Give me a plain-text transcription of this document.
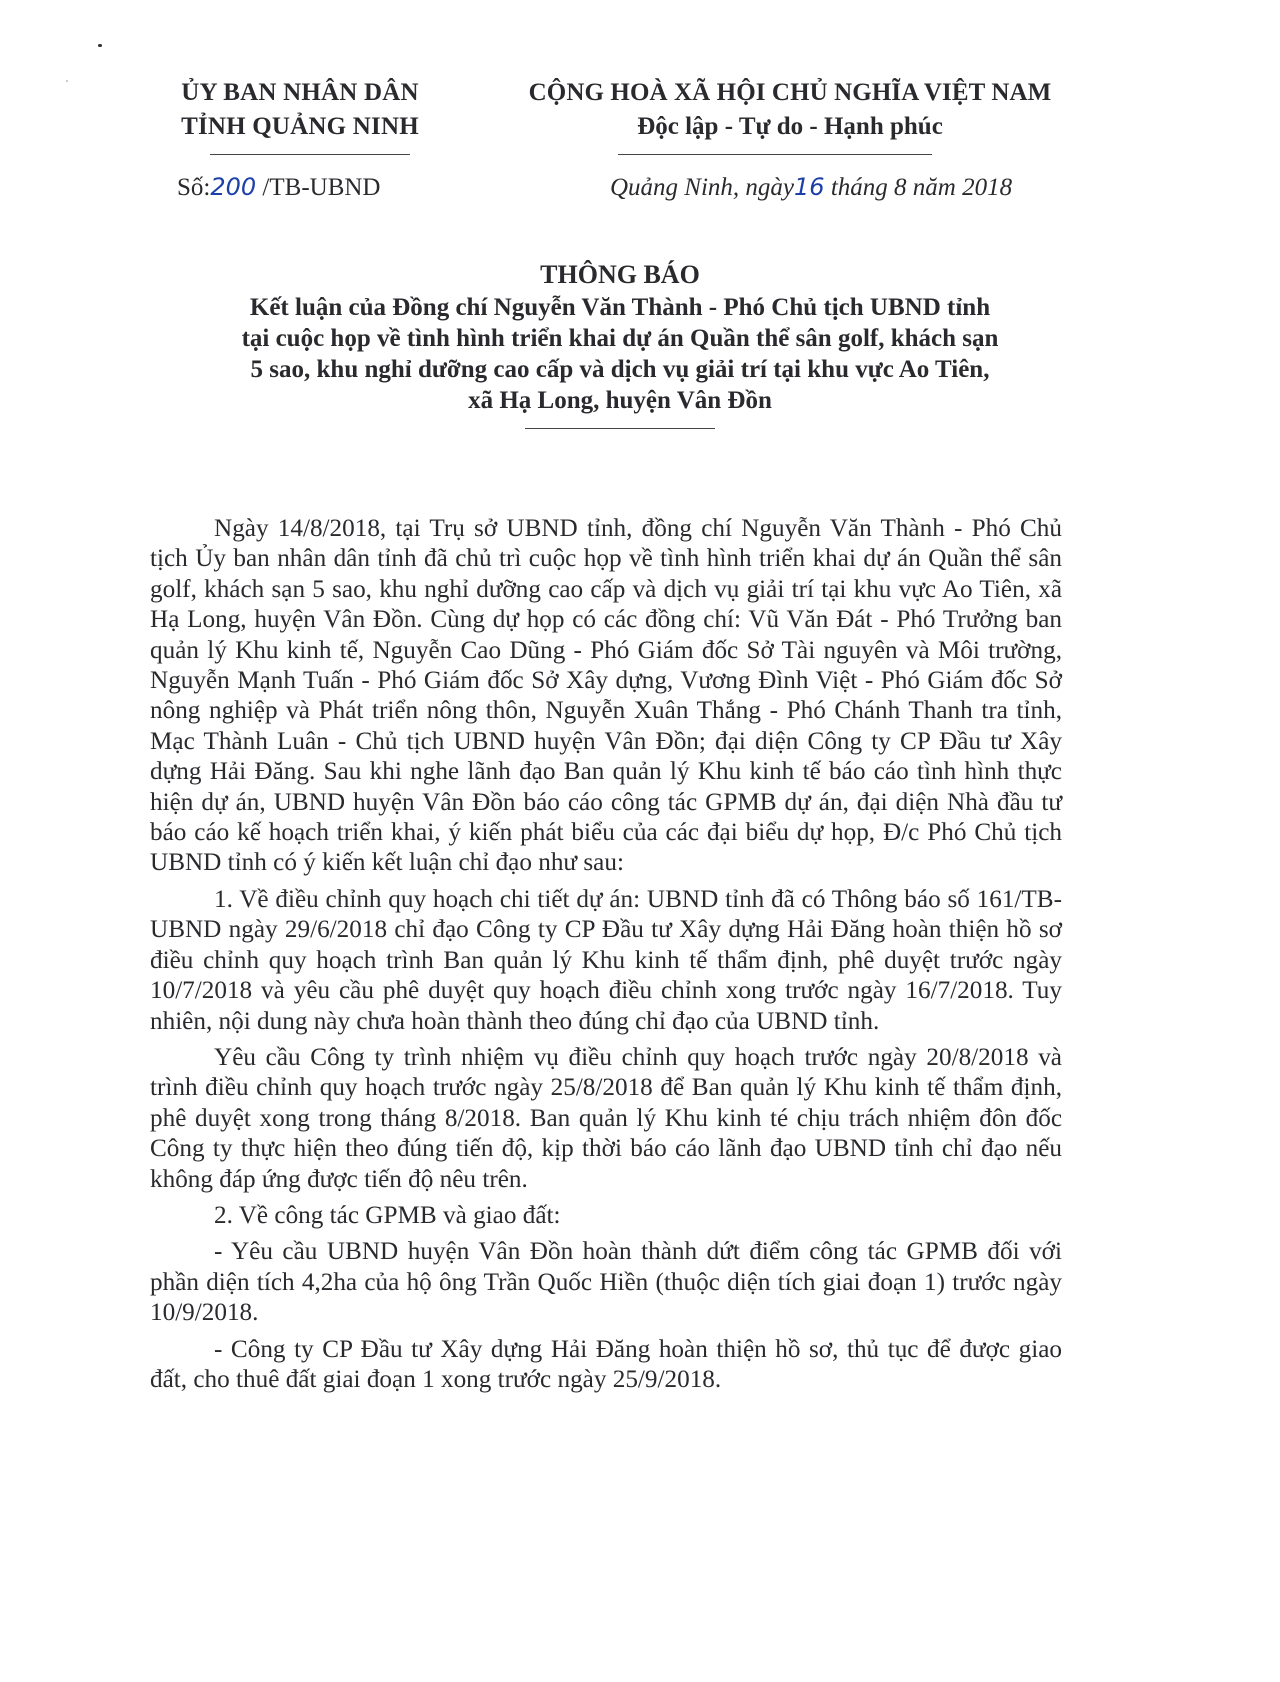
ỦY BAN NHÂN DÂN
TỈNH QUẢNG NINH
CỘNG HOÀ XÃ HỘI CHỦ NGHĨA VIỆT NAM
Độc lập - Tự do - Hạnh phúc
Số:200 /TB-UBND	Quảng Ninh, ngày16 tháng 8 năm 2018
THÔNG BÁO
Kết luận của Đồng chí Nguyễn Văn Thành - Phó Chủ tịch UBND tỉnh
tại cuộc họp về tình hình triển khai dự án Quần thể sân golf, khách sạn
5 sao, khu nghỉ dưỡng cao cấp và dịch vụ giải trí tại khu vực Ao Tiên,
xã Hạ Long, huyện Vân Đồn

Ngày 14/8/2018, tại Trụ sở UBND tỉnh, đồng chí Nguyễn Văn Thành - Phó Chủ tịch Ủy ban nhân dân tỉnh đã chủ trì cuộc họp về tình hình triển khai dự án Quần thể sân golf, khách sạn 5 sao, khu nghỉ dưỡng cao cấp và dịch vụ giải trí tại khu vực Ao Tiên, xã Hạ Long, huyện Vân Đồn. Cùng dự họp có các đồng chí: Vũ Văn Đát - Phó Trưởng ban quản lý Khu kinh tế, Nguyễn Cao Dũng - Phó Giám đốc Sở Tài nguyên và Môi trường, Nguyễn Mạnh Tuấn - Phó Giám đốc Sở Xây dựng, Vương Đình Việt - Phó Giám đốc Sở nông nghiệp và Phát triển nông thôn, Nguyễn Xuân Thắng - Phó Chánh Thanh tra tỉnh, Mạc Thành Luân - Chủ tịch UBND huyện Vân Đồn; đại diện Công ty CP Đầu tư Xây dựng Hải Đăng. Sau khi nghe lãnh đạo Ban quản lý Khu kinh tế báo cáo tình hình thực hiện dự án, UBND huyện Vân Đồn báo cáo công tác GPMB dự án, đại diện Nhà đầu tư báo cáo kế hoạch triển khai, ý kiến phát biểu của các đại biểu dự họp, Đ/c Phó Chủ tịch UBND tỉnh có ý kiến kết luận chỉ đạo như sau:

1. Về điều chỉnh quy hoạch chi tiết dự án: UBND tỉnh đã có Thông báo số 161/TB-UBND ngày 29/6/2018 chỉ đạo Công ty CP Đầu tư Xây dựng Hải Đăng hoàn thiện hồ sơ điều chỉnh quy hoạch trình Ban quản lý Khu kinh tế thẩm định, phê duyệt trước ngày 10/7/2018 và yêu cầu phê duyệt quy hoạch điều chỉnh xong trước ngày 16/7/2018. Tuy nhiên, nội dung này chưa hoàn thành theo đúng chỉ đạo của UBND tỉnh.

Yêu cầu Công ty trình nhiệm vụ điều chỉnh quy hoạch trước ngày 20/8/2018 và trình điều chỉnh quy hoạch trước ngày 25/8/2018 để Ban quản lý Khu kinh tế thẩm định, phê duyệt xong trong tháng 8/2018. Ban quản lý Khu kinh té chịu trách nhiệm đôn đốc Công ty thực hiện theo đúng tiến độ, kịp thời báo cáo lãnh đạo UBND tỉnh chỉ đạo nếu không đáp ứng được tiến độ nêu trên.

2. Về công tác GPMB và giao đất:

- Yêu cầu UBND huyện Vân Đồn hoàn thành dứt điểm công tác GPMB đối với phần diện tích 4,2ha của hộ ông Trần Quốc Hiền (thuộc diện tích giai đoạn 1) trước ngày 10/9/2018.

- Công ty CP Đầu tư Xây dựng Hải Đăng hoàn thiện hồ sơ, thủ tục để được giao đất, cho thuê đất giai đoạn 1 xong trước ngày 25/9/2018.
